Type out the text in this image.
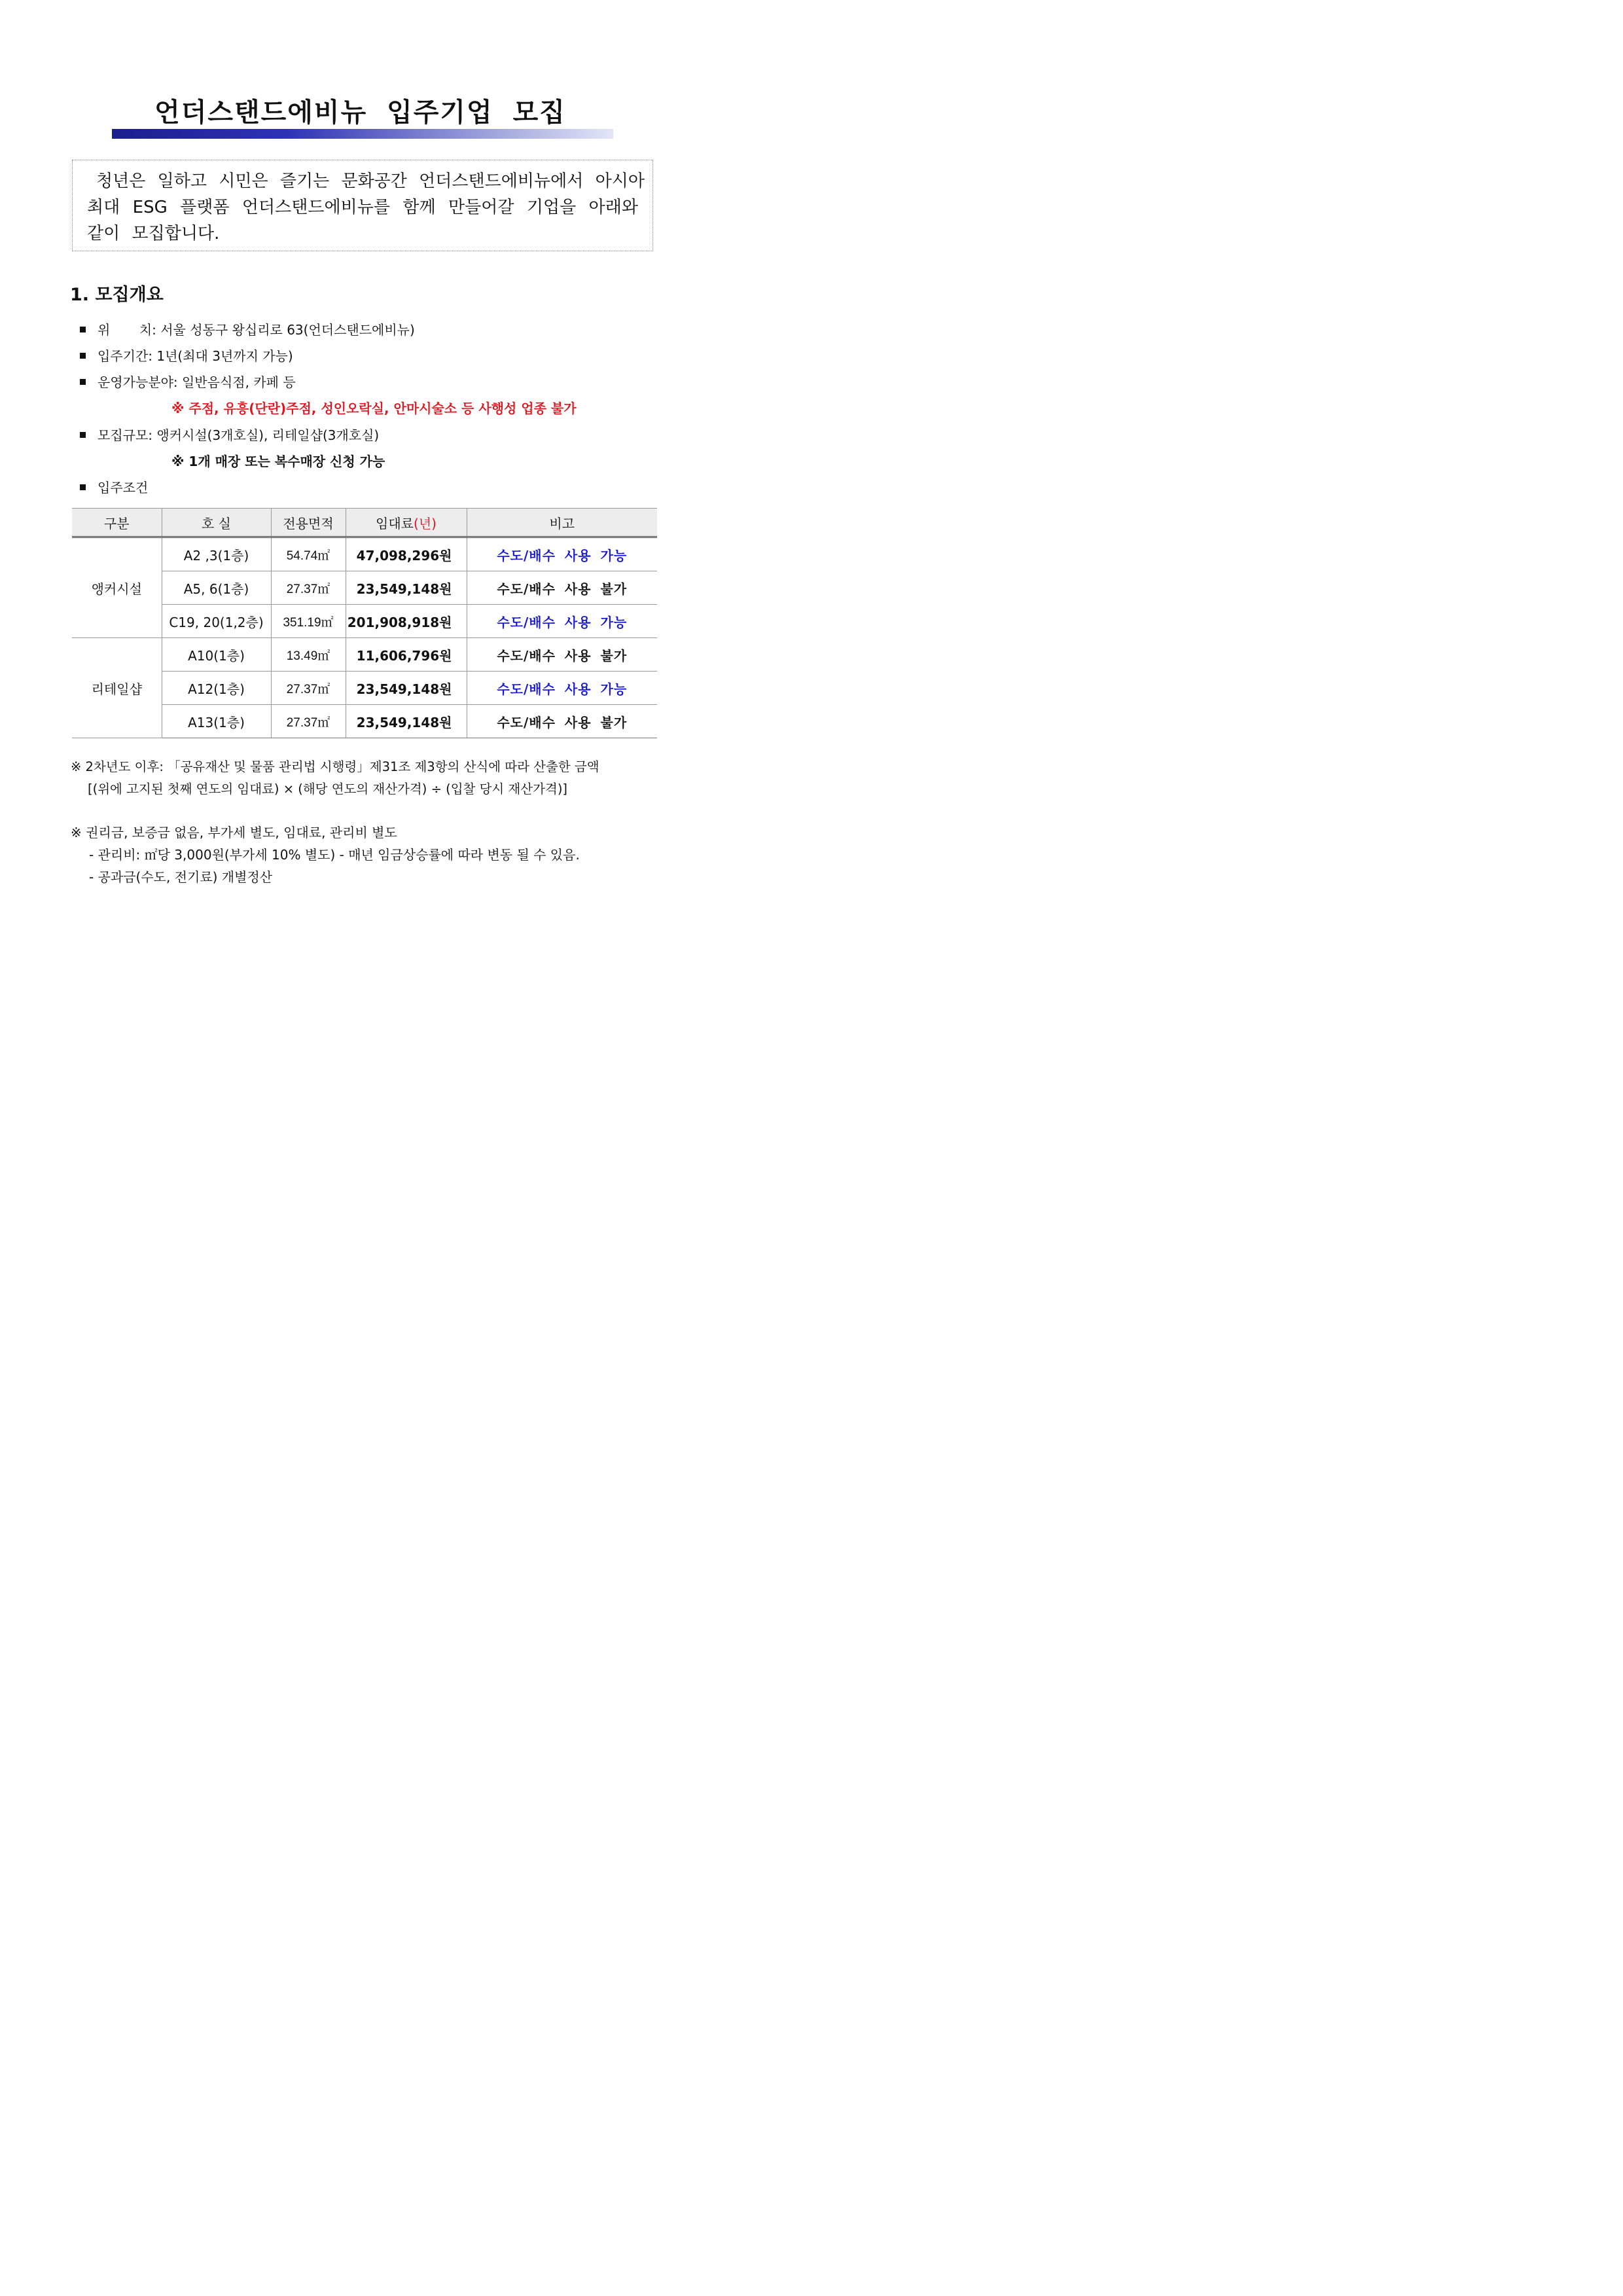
언더스탠드에비뉴 입주기업 모집
청년은 일하고 시민은 즐기는 문화공간 언더스탠드에비뉴에서 아시아
최대 ESG 플랫폼 언더스탠드에비뉴를 함께 만들어갈 기업을 아래와
같이 모집합니다.
1. 모집개요
위       치: 서울 성동구 왕십리로 63(언더스탠드에비뉴)
입주기간: 1년(최대 3년까지 가능)
운영가능분야: 일반음식점, 카페 등
※ 주점, 유흥(단란)주점, 성인오락실, 안마시술소 등 사행성 업종 불가
모집규모: 앵커시설(3개호실), 리테일샵(3개호실)
※ 1개 매장 또는 복수매장 신청 가능
입주조건
구분	호 실	전용면적	임대료(년)	비고
앵커시설	A2 ,3(1층)	54.74㎡	47,098,296원	수도/배수 사용 가능
	A5, 6(1층)	27.37㎡	23,549,148원	수도/배수 사용 불가
	C19, 20(1,2층)	351.19㎡	201,908,918원	수도/배수 사용 가능
리테일샵	A10(1층)	13.49㎡	11,606,796원	수도/배수 사용 불가
	A12(1층)	27.37㎡	23,549,148원	수도/배수 사용 가능
	A13(1층)	27.37㎡	23,549,148원	수도/배수 사용 불가
※ 2차년도 이후: 「공유재산 및 물품 관리법 시행령」제31조 제3항의 산식에 따라 산출한 금액
[(위에 고지된 첫째 연도의 임대료) × (해당 연도의 재산가격) ÷ (입찰 당시 재산가격)]
※ 권리금, 보증금 없음, 부가세 별도, 임대료, 관리비 별도
- 관리비: ㎡당 3,000원(부가세 10% 별도) - 매년 임금상승률에 따라 변동 될 수 있음.
- 공과금(수도, 전기료) 개별정산
